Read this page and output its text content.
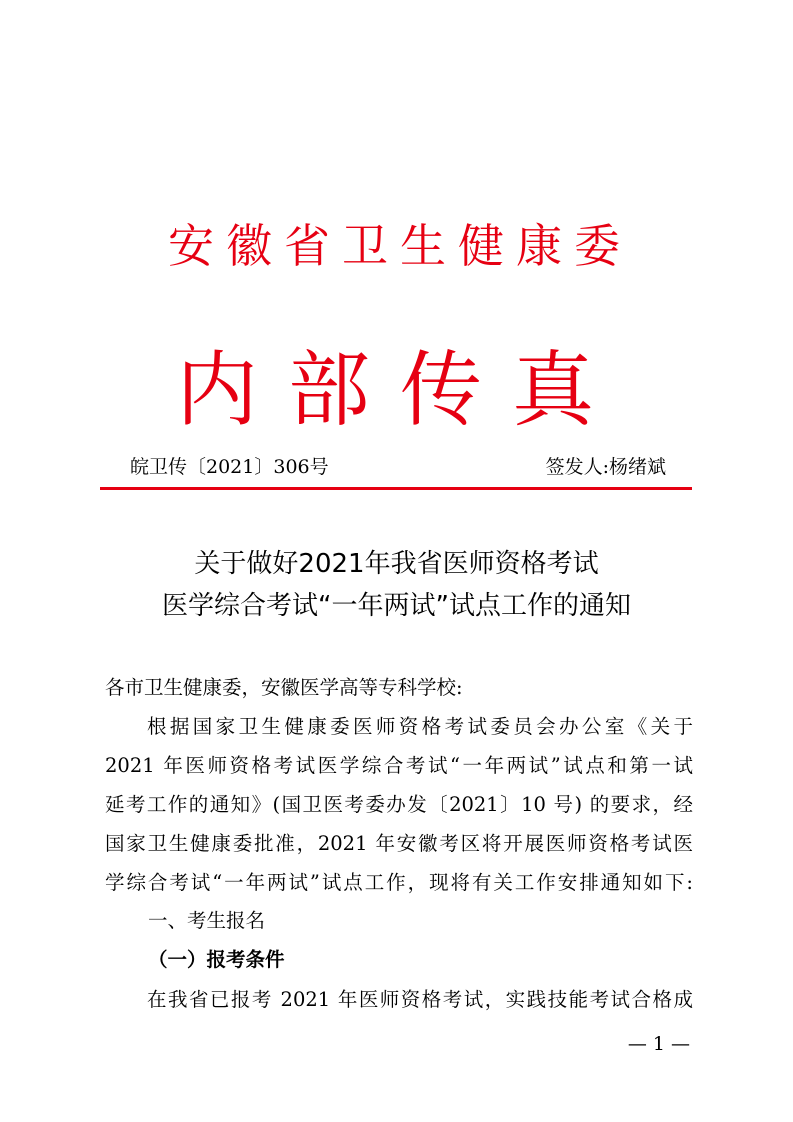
安徽省卫生健康委
内部传真
皖卫传〔2021〕306号	签发人:杨绪斌
关于做好2021年我省医师资格考试
医学综合考试“一年两试”试点工作的通知
各市卫生健康委，安徽医学高等专科学校:
根据国家卫生健康委医师资格考试委员会办公室《关于
2021 年医师资格考试医学综合考试“一年两试”试点和第一试
延考工作的通知》(国卫医考委办发〔2021〕10 号) 的要求，经
国家卫生健康委批准，2021 年安徽考区将开展医师资格考试医
学综合考试“一年两试”试点工作，现将有关工作安排通知如下:
一、考生报名
（一）报考条件
在我省已报考 2021 年医师资格考试，实践技能考试合格成
— 1 —
